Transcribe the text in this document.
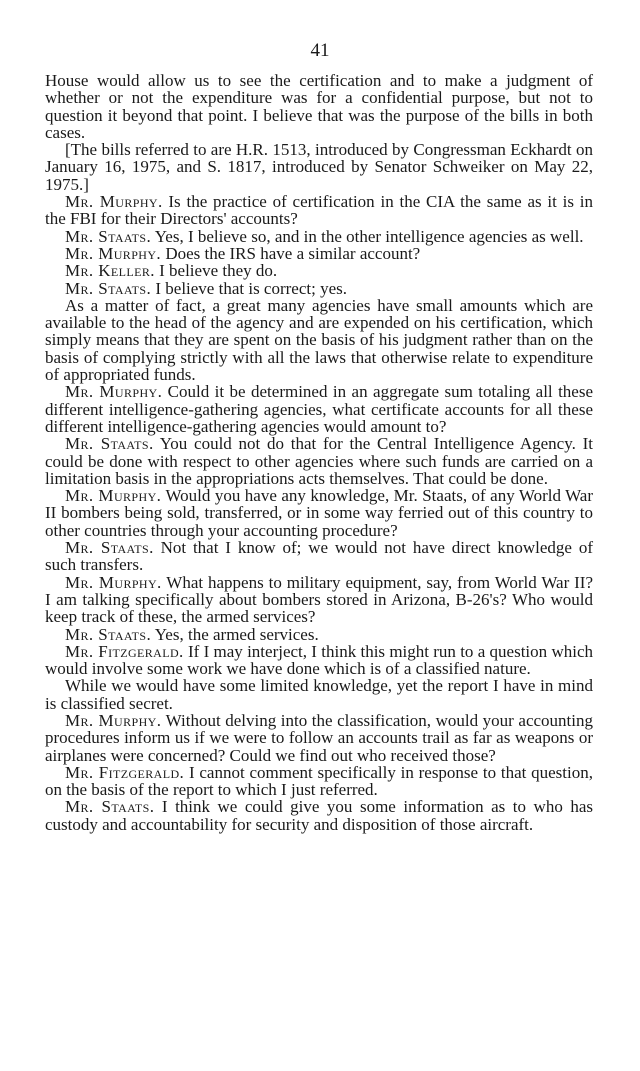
41

House would allow us to see the certification and to make a judgment of whether or not the expenditure was for a confidential purpose, but not to question it beyond that point. I believe that was the purpose of the bills in both cases.

[The bills referred to are H.R. 1513, introduced by Congressman Eckhardt on January 16, 1975, and S. 1817, introduced by Senator Schweiker on May 22, 1975.]

Mr. Murphy. Is the practice of certification in the CIA the same as it is in the FBI for their Directors' accounts?

Mr. Staats. Yes, I believe so, and in the other intelligence agencies as well.

Mr. Murphy. Does the IRS have a similar account?

Mr. Keller. I believe they do.

Mr. Staats. I believe that is correct; yes.

As a matter of fact, a great many agencies have small amounts which are available to the head of the agency and are expended on his certification, which simply means that they are spent on the basis of his judgment rather than on the basis of complying strictly with all the laws that otherwise relate to expenditure of appropriated funds.

Mr. Murphy. Could it be determined in an aggregate sum totaling all these different intelligence-gathering agencies, what certificate accounts for all these different intelligence-gathering agencies would amount to?

Mr. Staats. You could not do that for the Central Intelligence Agency. It could be done with respect to other agencies where such funds are carried on a limitation basis in the appropriations acts themselves. That could be done.

Mr. Murphy. Would you have any knowledge, Mr. Staats, of any World War II bombers being sold, transferred, or in some way ferried out of this country to other countries through your accounting procedure?

Mr. Staats. Not that I know of; we would not have direct knowledge of such transfers.

Mr. Murphy. What happens to military equipment, say, from World War II? I am talking specifically about bombers stored in Arizona, B-26's? Who would keep track of these, the armed services?

Mr. Staats. Yes, the armed services.

Mr. Fitzgerald. If I may interject, I think this might run to a question which would involve some work we have done which is of a classified nature.

While we would have some limited knowledge, yet the report I have in mind is classified secret.

Mr. Murphy. Without delving into the classification, would your accounting procedures inform us if we were to follow an accounts trail as far as weapons or airplanes were concerned? Could we find out who received those?

Mr. Fitzgerald. I cannot comment specifically in response to that question, on the basis of the report to which I just referred.

Mr. Staats. I think we could give you some information as to who has custody and accountability for security and disposition of those aircraft.
